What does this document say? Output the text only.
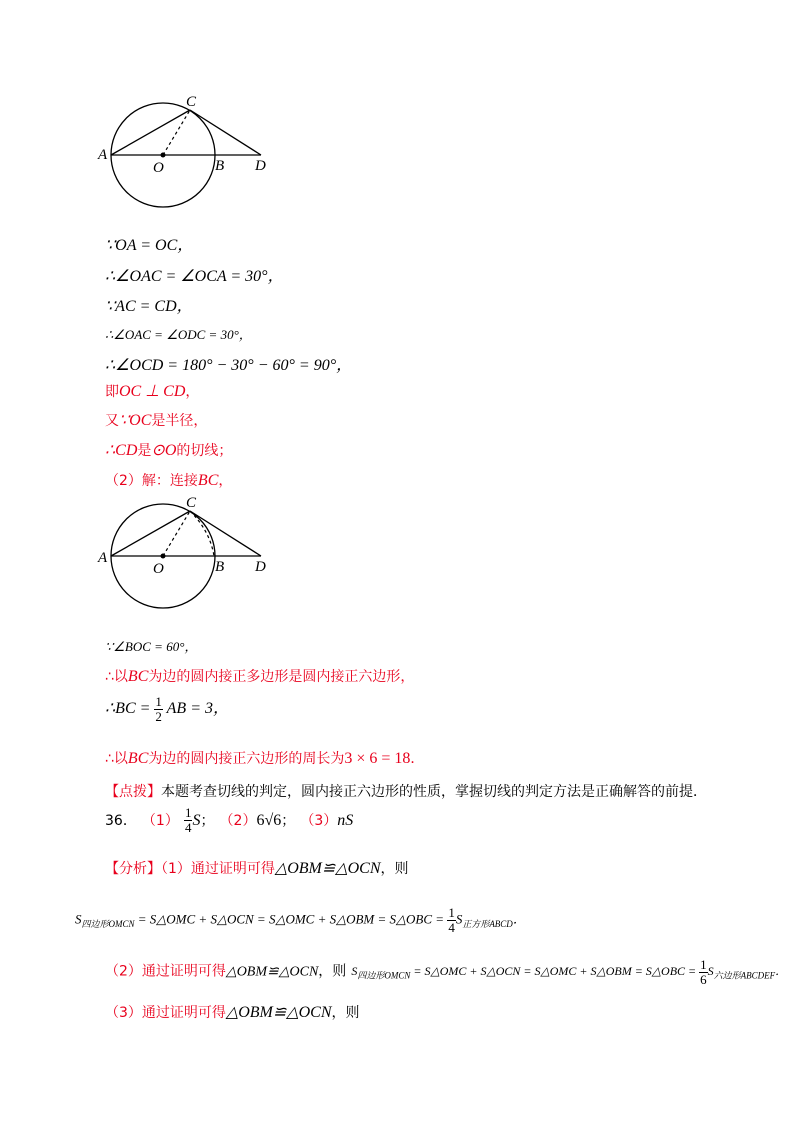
A
O	B
C
D
∵OA = OC，
∴∠OAC = ∠OCA = 30°，
∵AC = CD，
∴∠OAC = ∠ODC = 30°，
∴∠OCD = 180° − 30° − 60° = 90°，
即OC ⊥ CD，
又∵OC是半径，
∴CD是⊙O的切线；
（2）解：连接BC，
A
O	B
C
D
∵∠BOC = 60°，
∴以BC为边的圆内接正多边形是圆内接正六边形，
∴BC = $\frac{1}{2}$ AB = 3，
∴以BC为边的圆内接正六边形的周长为3 × 6 = 18．
【点拨】本题考查切线的判定，圆内接正六边形的性质，掌握切线的判定方法是正确解答的前提．
36． $(1) \frac{1}{4}$ S； （2）6√6； （3）nS
【分析】（1）通过证明可得△OBM≌△OCN，则
$S_{四边形OMCN}$ = S△OMC + S△OCN = S△OMC + S△OBM = S△OBC = $\frac{1}{4} S_{正方形ABCD}$．
（2）通过证明可得△OBM≌△OCN，则 $S_{四边形OMCN}$ = S△OMC + S△OCN = S△OMC + S△OBM = S△OBC = $\frac{1}{6} S_{六边形ABCDEF}$．
（3）通过证明可得△OBM≌△OCN，则
